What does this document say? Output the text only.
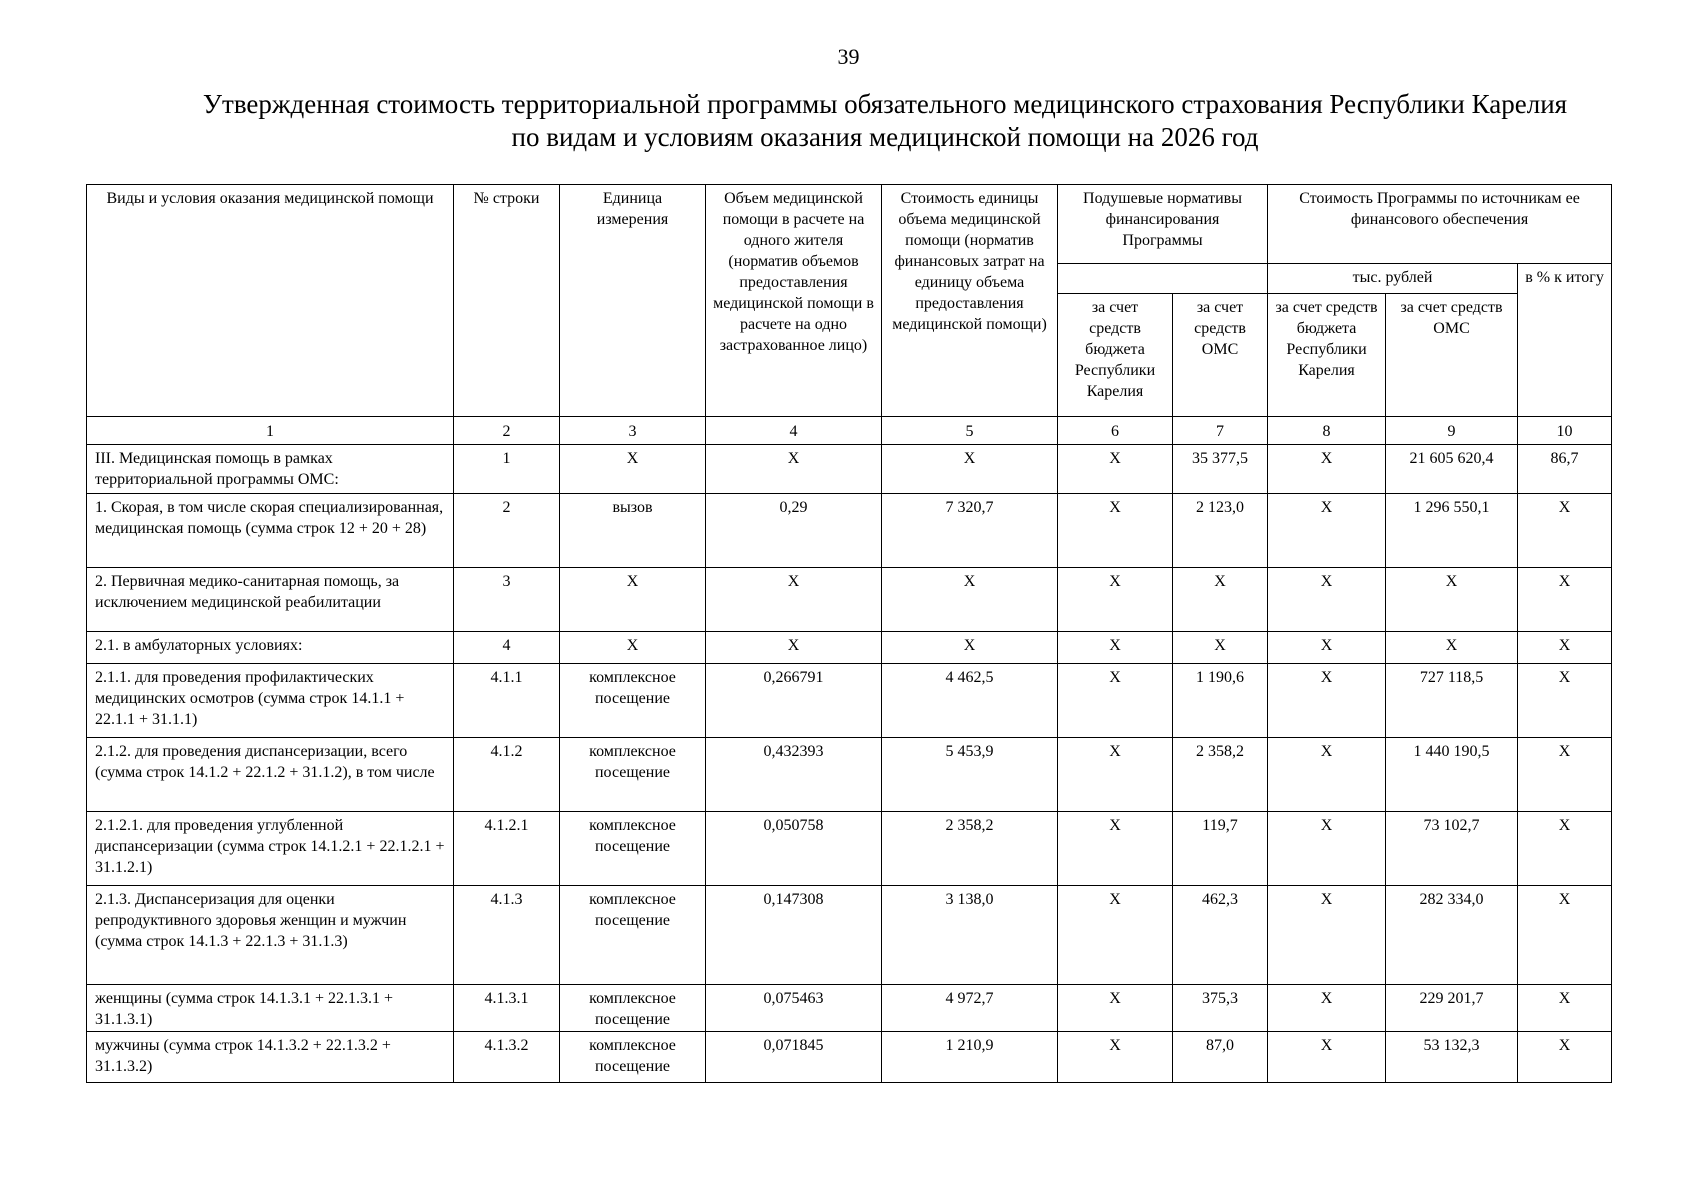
39
Утвержденная стоимость территориальной программы обязательного медицинского страхования Республики Карелия
по видам и условиям оказания медицинской помощи на 2026 год
Виды и условия оказания медицинской помощи	№ строки	Единица измерения	Объем медицинской помощи в расчете на одного жителя (норматив объемов предоставления медицинской помощи в расчете на одно застрахованное лицо)	Стоимость единицы объема медицинской помощи (норматив финансовых затрат на единицу объема предоставления медицинской помощи)	Подушевые нормативы финансирования Программы		Стоимость Программы по источникам ее финансового обеспечения		
							тыс. рублей		в % к итогу
					за счет средств бюджета Республики Карелия	за счет средств ОМС	за счет средств бюджета Республики Карелия	за счет средств ОМС	
1	2	3	4	5	6	7	8	9	10
III. Медицинская помощь в рамках территориальной программы ОМС:	1	X	X	X	X	35 377,5	X	21 605 620,4	86,7
1. Скорая, в том числе скорая специализированная, медицинская помощь (сумма строк 12 + 20 + 28)	2	вызов	0,29	7 320,7	X	2 123,0	X	1 296 550,1	X
2. Первичная медико-санитарная помощь, за исключением медицинской реабилитации	3	X	X	X	X	X	X	X	X
2.1. в амбулаторных условиях:	4	X	X	X	X	X	X	X	X
2.1.1. для проведения профилактических медицинских осмотров (сумма строк 14.1.1 + 22.1.1 + 31.1.1)	4.1.1	комплексное посещение	0,266791	4 462,5	X	1 190,6	X	727 118,5	X
2.1.2. для проведения диспансеризации, всего (сумма строк 14.1.2 + 22.1.2 + 31.1.2), в том числе	4.1.2	комплексное посещение	0,432393	5 453,9	X	2 358,2	X	1 440 190,5	X
2.1.2.1. для проведения углубленной диспансеризации (сумма строк 14.1.2.1 + 22.1.2.1 + 31.1.2.1)	4.1.2.1	комплексное посещение	0,050758	2 358,2	X	119,7	X	73 102,7	X
2.1.3. Диспансеризация для оценки репродуктивного здоровья женщин и мужчин (сумма строк 14.1.3 + 22.1.3 + 31.1.3)	4.1.3	комплексное посещение	0,147308	3 138,0	X	462,3	X	282 334,0	X
женщины (сумма строк 14.1.3.1 + 22.1.3.1 + 31.1.3.1)	4.1.3.1	комплексное посещение	0,075463	4 972,7	X	375,3	X	229 201,7	X
мужчины (сумма строк 14.1.3.2 + 22.1.3.2 + 31.1.3.2)	4.1.3.2	комплексное посещение	0,071845	1 210,9	X	87,0	X	53 132,3	X
